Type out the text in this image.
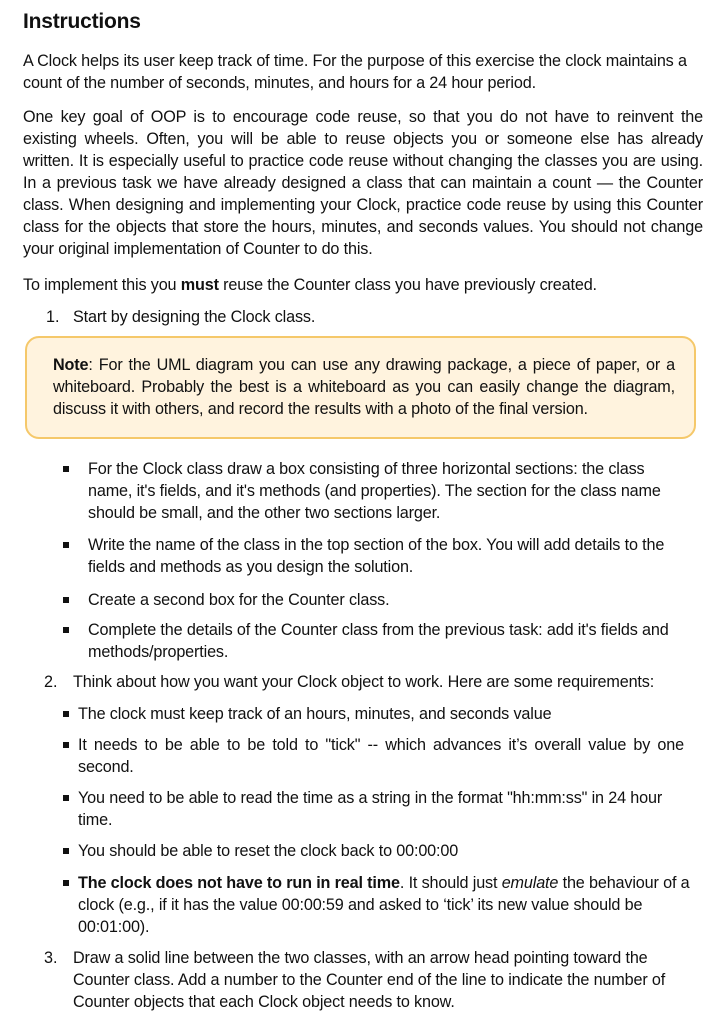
Instructions

A Clock helps its user keep track of time. For the purpose of this exercise the clock maintains a count of the number of seconds, minutes, and hours for a 24 hour period.

One key goal of OOP is to encourage code reuse, so that you do not have to reinvent the existing wheels. Often, you will be able to reuse objects you or someone else has already written. It is especially useful to practice code reuse without changing the classes you are using. In a previous task we have already designed a class that can maintain a count — the Counter class. When designing and implementing your Clock, practice code reuse by using this Counter class for the objects that store the hours, minutes, and seconds values. You should not change your original implementation of Counter to do this.

To implement this you must reuse the Counter class you have previously created.

1. Start by designing the Clock class.

Note: For the UML diagram you can use any drawing package, a piece of paper, or a whiteboard. Probably the best is a whiteboard as you can easily change the diagram, discuss it with others, and record the results with a photo of the final version.

For the Clock class draw a box consisting of three horizontal sections: the class name, it's fields, and it's methods (and properties). The section for the class name should be small, and the other two sections larger.

Write the name of the class in the top section of the box. You will add details to the fields and methods as you design the solution.

Create a second box for the Counter class.

Complete the details of the Counter class from the previous task: add it's fields and methods/properties.

2. Think about how you want your Clock object to work. Here are some requirements:

The clock must keep track of an hours, minutes, and seconds value

It needs to be able to be told to "tick" -- which advances it’s overall value by one second.

You need to be able to read the time as a string in the format "hh:mm:ss" in 24 hour time.

You should be able to reset the clock back to 00:00:00

The clock does not have to run in real time. It should just emulate the behaviour of a clock (e.g., if it has the value 00:00:59 and asked to ‘tick’ its new value should be 00:01:00).

3. Draw a solid line between the two classes, with an arrow head pointing toward the Counter class. Add a number to the Counter end of the line to indicate the number of Counter objects that each Clock object needs to know.
